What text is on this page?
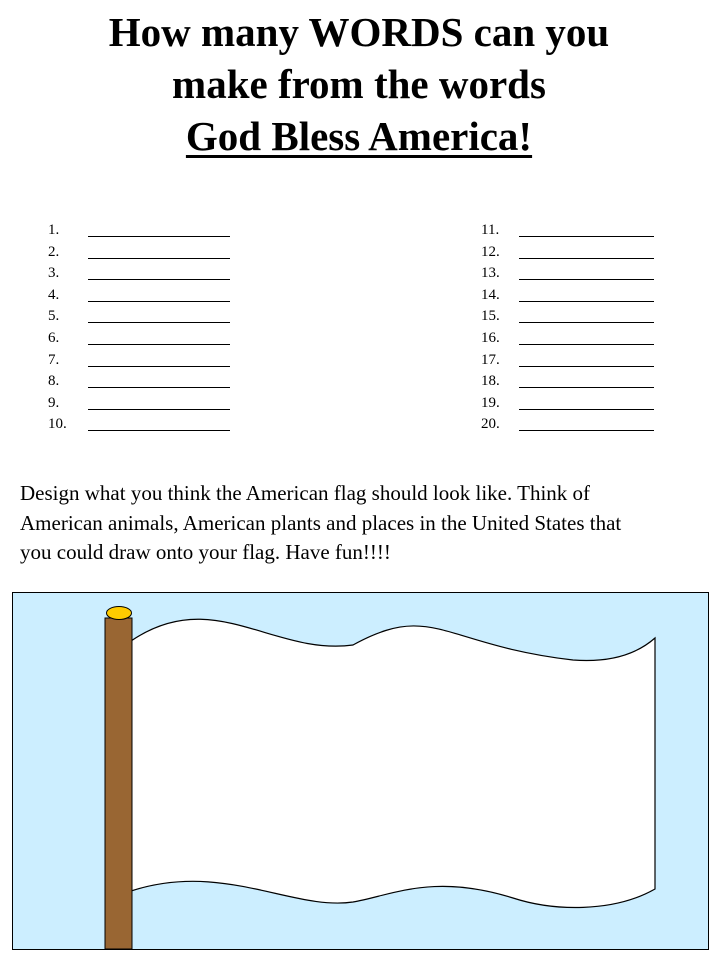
How many WORDS can you
make from the words
God Bless America!
1.
2.
3.
4.
5.
6.
7.
8.
9.
10.
11.
12.
13.
14.
15.
16.
17.
18.
19.
20.
Design what you think the American flag should look like. Think of
American animals, American plants and places in the United States that
you could draw onto your flag. Have fun!!!!
